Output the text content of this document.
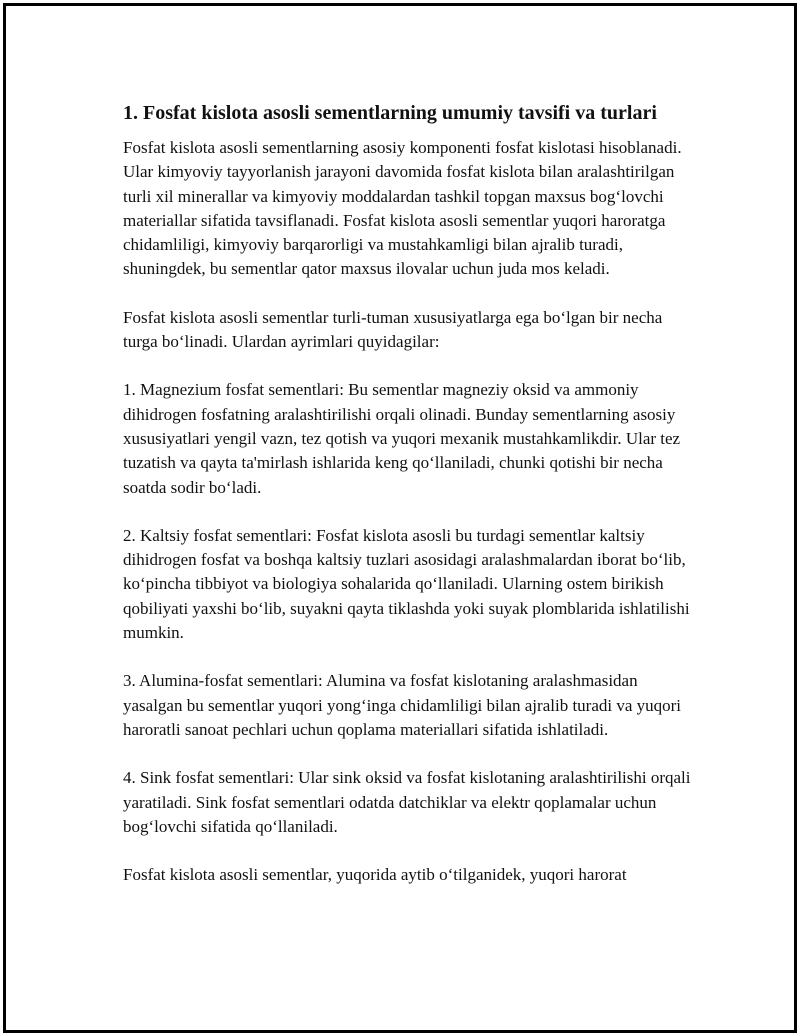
1. Fosfat kislota asosli sementlarning umumiy tavsifi va turlari

Fosfat kislota asosli sementlarning asosiy komponenti fosfat kislotasi hisoblanadi. Ular kimyoviy tayyorlanish jarayoni davomida fosfat kislota bilan aralashtirilgan turli xil minerallar va kimyoviy moddalardan tashkil topgan maxsus bog‘lovchi materiallar sifatida tavsiflanadi. Fosfat kislota asosli sementlar yuqori haroratga chidamliligi, kimyoviy barqarorligi va mustahkamligi bilan ajralib turadi, shuningdek, bu sementlar qator maxsus ilovalar uchun juda mos keladi.

Fosfat kislota asosli sementlar turli-tuman xususiyatlarga ega bo‘lgan bir necha turga bo‘linadi. Ulardan ayrimlari quyidagilar:

1. Magnezium fosfat sementlari: Bu sementlar magneziy oksid va ammoniy dihidrogen fosfatning aralashtirilishi orqali olinadi. Bunday sementlarning asosiy xususiyatlari yengil vazn, tez qotish va yuqori mexanik mustahkamlikdir. Ular tez tuzatish va qayta ta'mirlash ishlarida keng qo‘llaniladi, chunki qotishi bir necha soatda sodir bo‘ladi.

2. Kaltsiy fosfat sementlari: Fosfat kislota asosli bu turdagi sementlar kaltsiy dihidrogen fosfat va boshqa kaltsiy tuzlari asosidagi aralashmalardan iborat bo‘lib, ko‘pincha tibbiyot va biologiya sohalarida qo‘llaniladi. Ularning ostem birikish qobiliyati yaxshi bo‘lib, suyakni qayta tiklashda yoki suyak plomblarida ishlatilishi mumkin.

3. Alumina-fosfat sementlari: Alumina va fosfat kislotaning aralashmasidan yasalgan bu sementlar yuqori yong‘inga chidamliligi bilan ajralib turadi va yuqori haroratli sanoat pechlari uchun qoplama materiallari sifatida ishlatiladi.

4. Sink fosfat sementlari: Ular sink oksid va fosfat kislotaning aralashtirilishi orqali yaratiladi. Sink fosfat sementlari odatda datchiklar va elektr qoplamalar uchun bog‘lovchi sifatida qo‘llaniladi.

Fosfat kislota asosli sementlar, yuqorida aytib o‘tilganidek, yuqori harorat
